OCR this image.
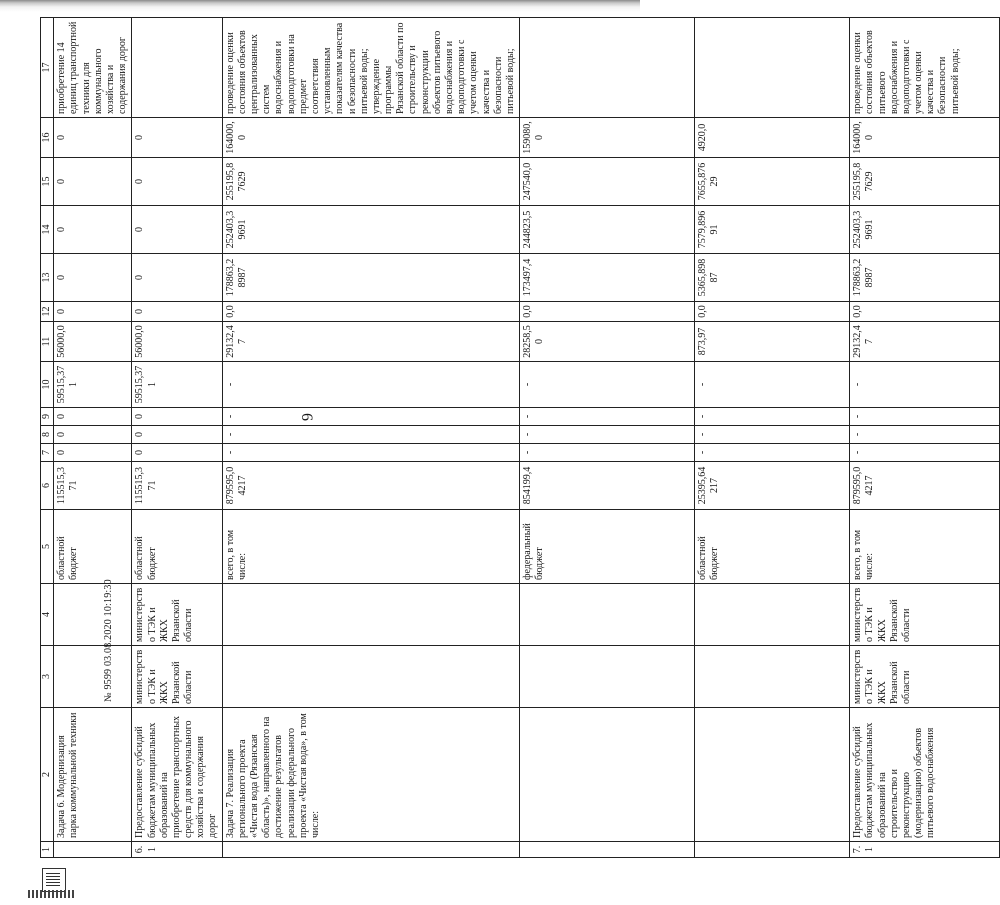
6
1	2	3	4	5	6	7	8	9	10	11	12	13	14	15	16	17
	Задача 6. Модернизация парка коммунальной техники			областной бюджет	115515,371	0	0	0	59515,371	56000,0	0	0	0	0	0	приобретение 14 единиц транспортной техники для коммунального хозяйства и содержания дорог
6.1	Предоставление субсидий бюджетам муниципальных образований на приобретение транспортных средств для коммунального хозяйства и содержания дорог	министерство ТЭК и ЖКХ Рязанской области	министерство ТЭК и ЖКХ Рязанской области	областной бюджет	115515,371	0	0	0	59515,371	56000,0	0	0	0	0	0	
	Задача 7. Реализация регионального проекта «Чистая вода (Рязанская область)», направленного на достижение результатов реализации федерального проекта «Чистая вода», в том числе:			всего, в том числе:	879595,04217	-	-	-	-	29132,47	0,0	178863,28987	252403,39691	255195,87629	164000,0	проведение оценки состояния объектов централизованных систем водоснабжения и водоподготовки на предмет соответствия установленным показателям качества и безопасности питьевой воды; утверждение программы Рязанской области по строительству и реконструкции объектов питьевого водоснабжения и водоподготовки с учетом оценки качества и безопасности питьевой воды;
				федеральный бюджет	854199,4	-	-	-	-	28258,50	0,0	173497,4	244823,5	247540,0	159080,0	
				областной бюджет	25395,64217	-	-	-	-	873,97	0,0	5365,89887	7579,89691	7655,87629	4920,0	
7.1	Предоставление субсидий бюджетам муниципальных образований на строительство и реконструкцию (модернизацию) объектов питьевого водоснабжения	министерство ТЭК и ЖКХ Рязанской области	министерство ТЭК и ЖКХ Рязанской области	всего, в том числе:	879595,04217	-	-	-	-	29132,47	0,0	178863,28987	252403,39691	255195,87629	164000,0	проведение оценки состояния объектов питьевого водоснабжения и водоподготовки с учетом оценки качества и безопасности питьевой воды;
№ 9599 03.08.2020 10:19:30
